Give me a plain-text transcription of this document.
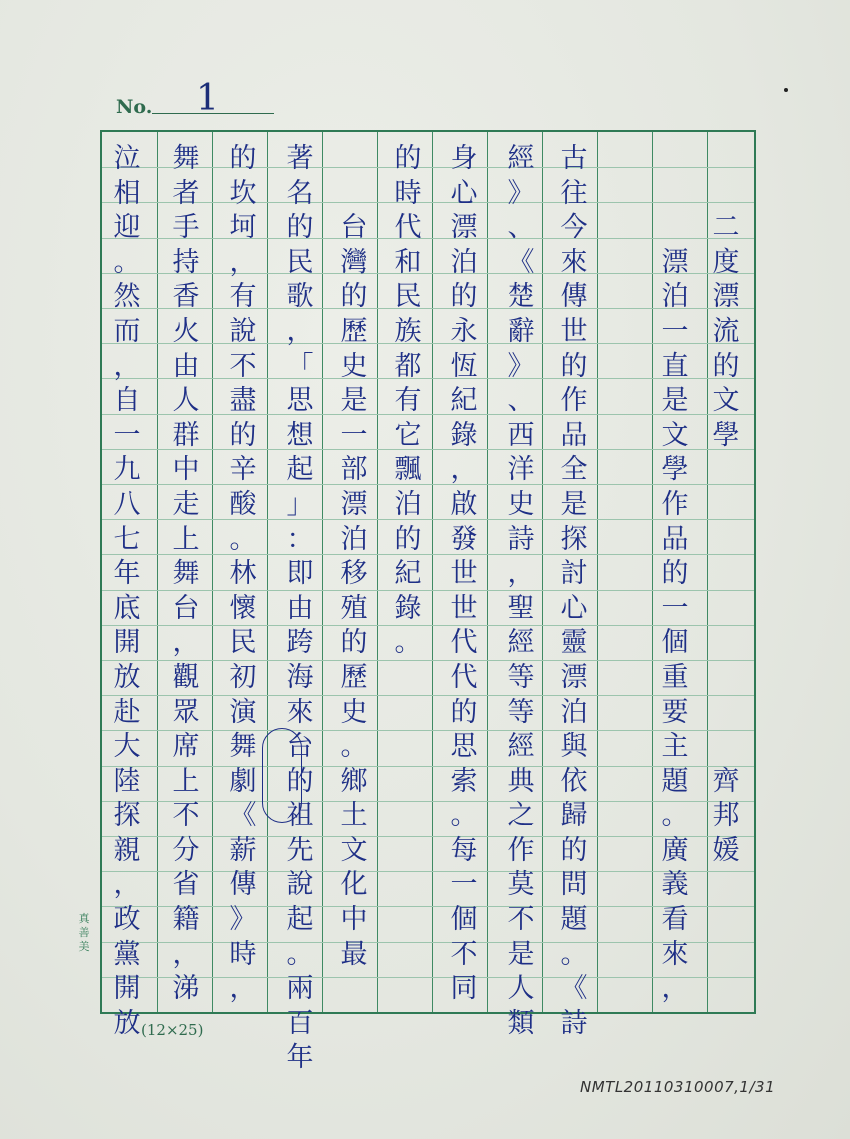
No. 1
真善美
(12×25)
NMTL20110310007,1/31
二
度
漂
流
的
文
學
齊
邦
媛
漂
泊
一
直
是
文
學
作
品
的
一
個
重
要
主
題
。
廣
義
看
來
，
古
往
今
來
傳
世
的
作
品
全
是
探
討
心
靈
漂
泊
與
依
歸
的
問
題
。
《
詩
經
》
、
《
楚
辭
》
、
西
洋
史
詩
，
聖
經
等
等
經
典
之
作
莫
不
是
人
類
身
心
漂
泊
的
永
恆
紀
錄
，
啟
發
世
世
代
代
的
思
索
。
每
一
個
不
同
的
時
代
和
民
族
都
有
它
飄
泊
的
紀
錄
。
台
灣
的
歷
史
是
一
部
漂
泊
移
殖
的
歷
史
。
鄉
土
文
化
中
最
著
名
的
民
歌
，
「
思
想
起
」
：
即
由
跨
海
來
台
的
祖
先
說
起
。
兩
百
年
的
坎
坷
，
有
說
不
盡
的
辛
酸
。
林
懷
民
初
演
舞
劇
《
薪
傳
》
時
，
舞
者
手
持
香
火
由
人
群
中
走
上
舞
台
，
觀
眾
席
上
不
分
省
籍
，
涕
泣
相
迎
。
然
而
，
自
一
九
八
七
年
底
開
放
赴
大
陸
探
親
，
政
黨
開
放
